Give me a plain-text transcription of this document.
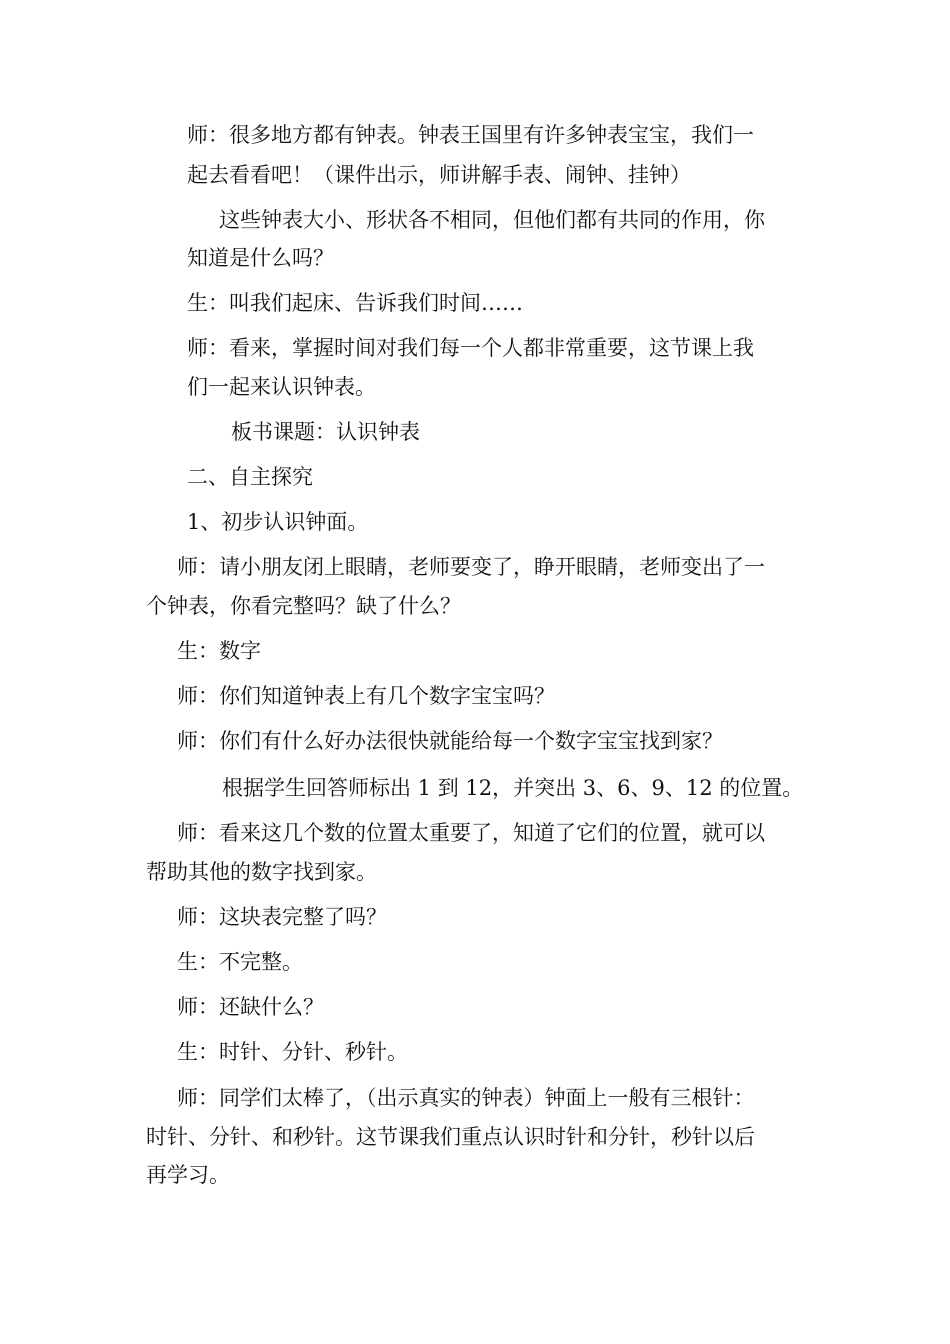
师：很多地方都有钟表。钟表王国里有许多钟表宝宝，我们一

起去看看吧！（课件出示，师讲解手表、闹钟、挂钟）

这些钟表大小、形状各不相同，但他们都有共同的作用，你

知道是什么吗？

生：叫我们起床、告诉我们时间……

师：看来，掌握时间对我们每一个人都非常重要，这节课上我

们一起来认识钟表。

板书课题：认识钟表

二、自主探究

1、初步认识钟面。

师：请小朋友闭上眼睛，老师要变了，睁开眼睛，老师变出了一

个钟表，你看完整吗？缺了什么？

生：数字

师：你们知道钟表上有几个数字宝宝吗？

师：你们有什么好办法很快就能给每一个数字宝宝找到家？

根据学生回答师标出 1 到 12，并突出 3、6、9、12 的位置。

师：看来这几个数的位置太重要了，知道了它们的位置，就可以

帮助其他的数字找到家。

师：这块表完整了吗？

生：不完整。

师：还缺什么？

生：时针、分针、秒针。

师：同学们太棒了，（出示真实的钟表）钟面上一般有三根针：

时针、分针、和秒针。这节课我们重点认识时针和分针，秒针以后

再学习。
